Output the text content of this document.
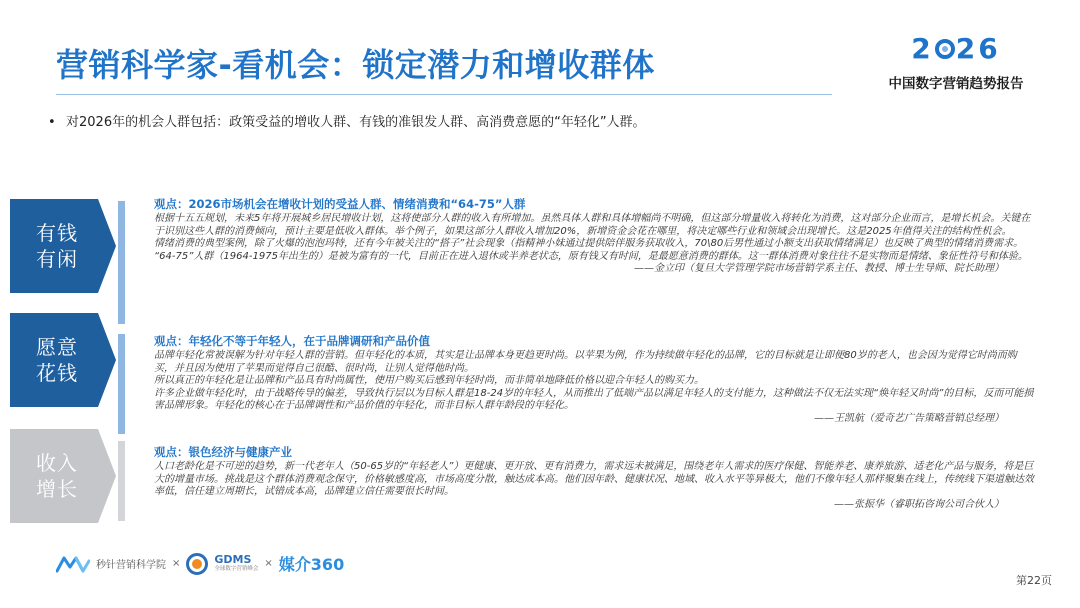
营销科学家-看机会：锁定潜力和增收群体	2 26
中国数字营销趋势报告
• 对2026年的机会人群包括：政策受益的增收人群、有钱的准银发人群、高消费意愿的“年轻化”人群。
有钱
有闲
愿意
花钱
收入
增长
观点：2026市场机会在增收计划的受益人群、情绪消费和“64-75”人群

根据十五五规划，未来5年将开展城乡居民增收计划，这将使部分人群的收入有所增加。虽然具体人群和具体增幅尚不明确，但这部分增量收入将转化为消费，这对部分企业而言，是增长机会。关键在于识别这些人群的消费倾向，预计主要是低收入群体。举个例子，如果这部分人群收入增加20%，新增资金会花在哪里，将决定哪些行业和领域会出现增长。这是2025年值得关注的结构性机会。

情绪消费的典型案例，除了火爆的泡泡玛特，还有今年被关注的“搭子”社会现象（指精神小妹通过提供陪伴服务获取收入，70\80后男性通过小额支出获取情绪满足）也反映了典型的情绪消费需求。

“64-75”人群（1964-1975年出生的）是被为富有的一代，目前正在进入退休或半养老状态，原有钱又有时间，是最愿意消费的群体。这一群体消费对象往往不是实物而是情绪、象征性符号和体验。

——金立印（复旦大学管理学院市场营销学系主任、教授、博士生导师、院长助理）

观点：年轻化不等于年轻人，在于品牌调研和产品价值

品牌年轻化常被误解为针对年轻人群的营销。但年轻化的本质，其实是让品牌本身更趋更时尚。以苹果为例，作为持续做年轻化的品牌，它的目标就是让即便80岁的老人，也会因为觉得它时尚而购买，并且因为使用了苹果而觉得自己很酷、很时尚，让别人觉得他时尚。

所以真正的年轻化是让品牌和产品具有时尚属性，使用户购买后感到年轻时尚，而非简单地降低价格以迎合年轻人的购买力。

许多企业做年轻化时，由于战略传导的偏差，导致执行层以为目标人群是18-24岁的年轻人，从而推出了低端产品以满足年轻人的支付能力，这种做法不仅无法实现“焕年轻又时尚”的目标，反而可能损害品牌形象。年轻化的核心在于品牌调性和产品价值的年轻化，而非目标人群年龄段的年轻化。

——王凯航（爱奇艺广告策略营销总经理）

观点：银色经济与健康产业

人口老龄化是不可逆的趋势，新一代老年人（50-65岁的“年轻老人”）更健康、更开放、更有消费力，需求远未被满足，围绕老年人需求的医疗保健、智能养老、康养旅游、适老化产品与服务，将是巨大的增量市场。挑战是这个群体消费观念保守，价格敏感度高，市场高度分散，触达成本高。他们因年龄、健康状况、地域、收入水平等异极大，他们不像年轻人那样聚集在线上，传统线下渠道触达效率低，信任建立周期长，试错成本高，品牌建立信任需要很长时间。

——张振华（睿职拓咨询公司合伙人）

秒针营销科学院 ×	GDMS
全球数字营销峰会 × 媒介360
第22页
